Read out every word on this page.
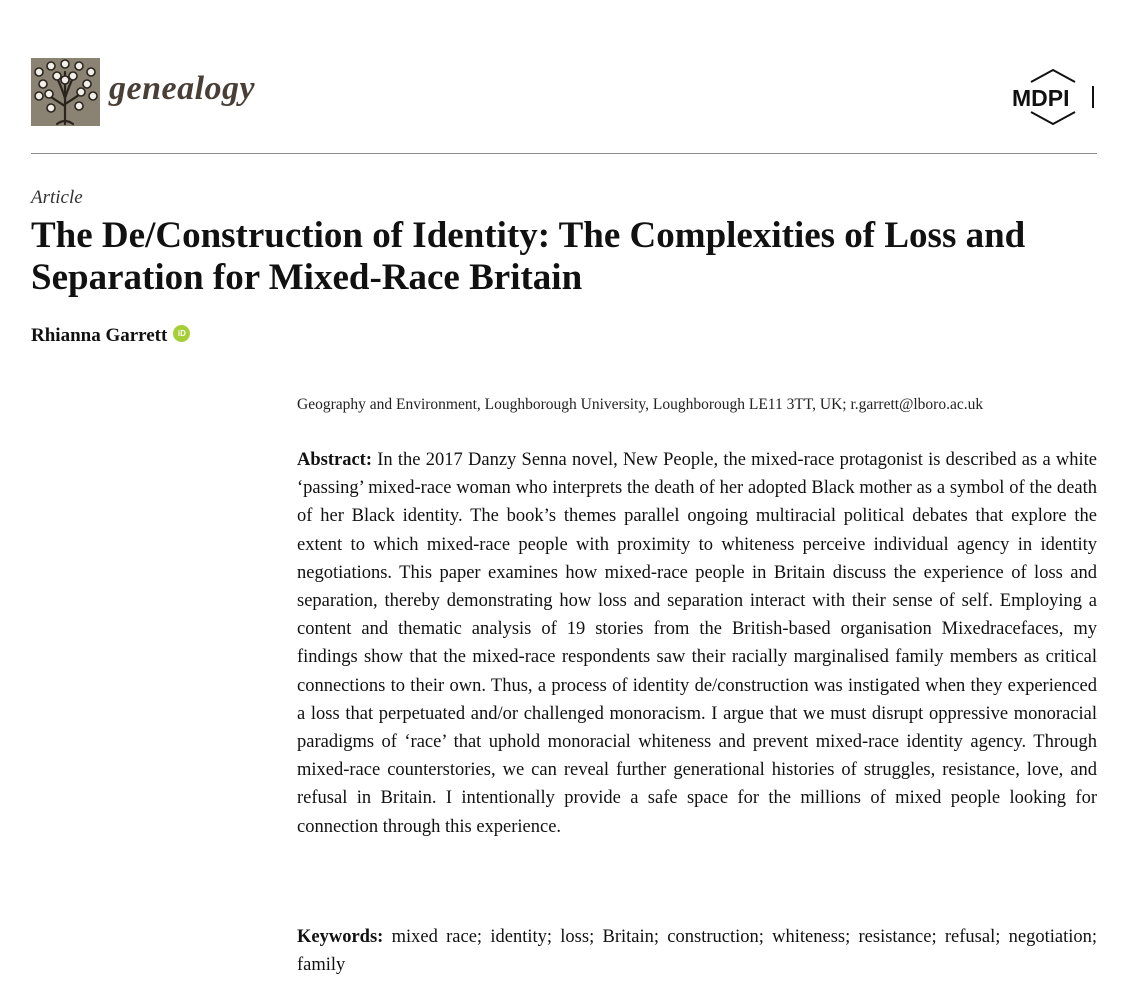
genealogy	MDPI
Article
The De/Construction of Identity: The Complexities of Loss and Separation for Mixed-Race Britain
Rhianna Garrett	iD
Geography and Environment, Loughborough University, Loughborough LE11 3TT, UK; r.garrett@lboro.ac.uk

Abstract: In the 2017 Danzy Senna novel, New People, the mixed-race protagonist is described as a white ‘passing’ mixed-race woman who interprets the death of her adopted Black mother as a symbol of the death of her Black identity. The book’s themes parallel ongoing multiracial political debates that explore the extent to which mixed-race people with proximity to whiteness perceive individual agency in identity negotiations. This paper examines how mixed-race people in Britain discuss the experience of loss and separation, thereby demonstrating how loss and separation interact with their sense of self. Employing a content and thematic analysis of 19 stories from the British-based organisation Mixedracefaces, my findings show that the mixed-race respondents saw their racially marginalised family members as critical connections to their own. Thus, a process of identity de/construction was instigated when they experienced a loss that perpetuated and/or challenged monoracism. I argue that we must disrupt oppressive monoracial paradigms of ‘race’ that uphold monoracial whiteness and prevent mixed-race identity agency. Through mixed-race counterstories, we can reveal further generational histories of struggles, resistance, love, and refusal in Britain. I intentionally provide a safe space for the millions of mixed people looking for connection through this experience.

Keywords: mixed race; identity; loss; Britain; construction; whiteness; resistance; refusal; negotiation; family
